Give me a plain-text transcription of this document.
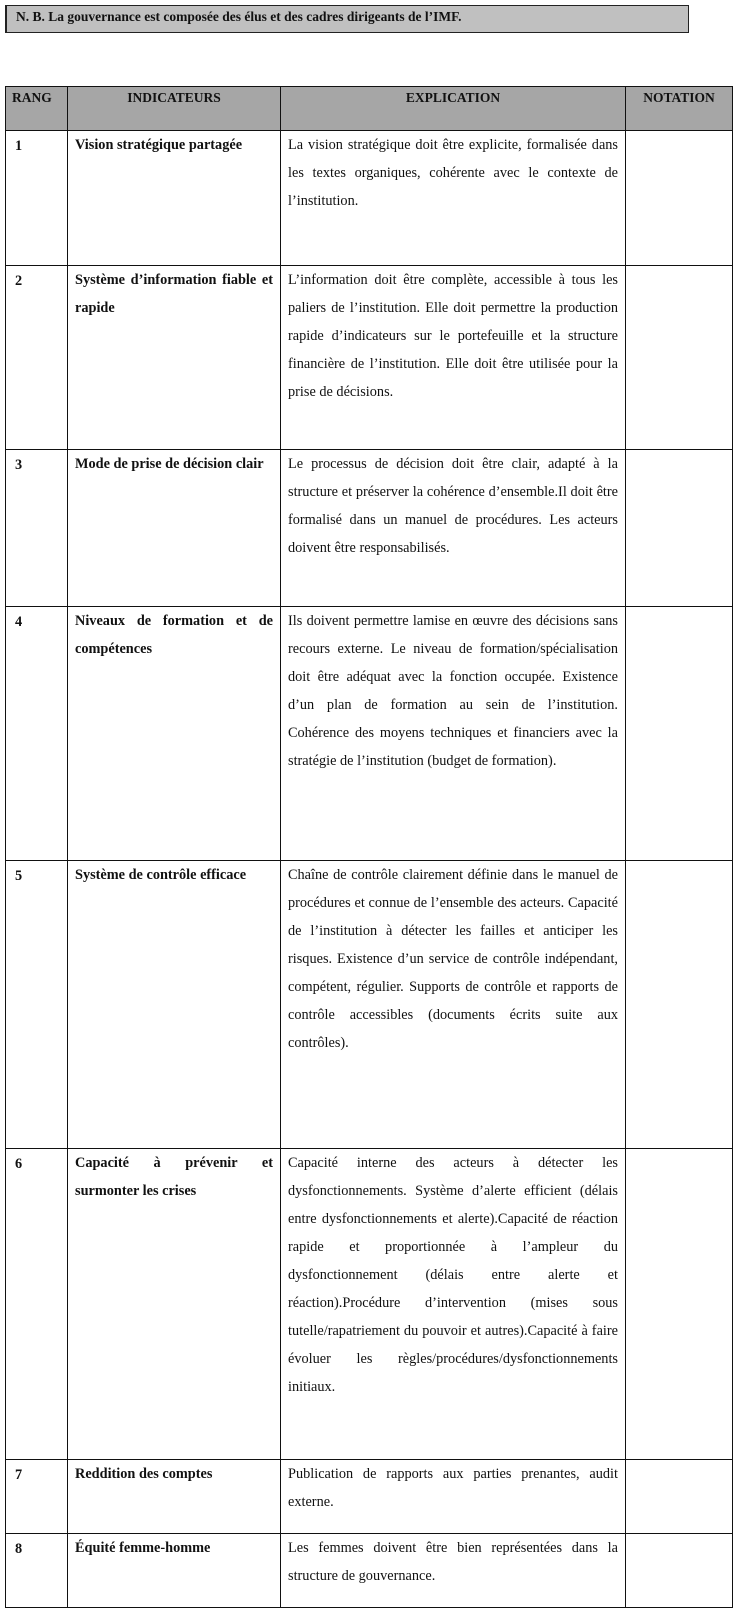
N. B. La gouvernance est composée des élus et des cadres dirigeants de l’IMF.
RANG	INDICATEURS	EXPLICATION	NOTATION
1	Vision stratégique partagée	La vision stratégique doit être explicite, formalisée dans les textes organiques, cohérente avec le contexte de l’institution.	

2	Système d’information fiable et rapide	L’information doit être complète, accessible à tous les paliers de l’institution. Elle doit permettre la production rapide d’indicateurs sur le portefeuille et la structure financière de l’institution. Elle doit être utilisée pour la prise de décisions.	

3	Mode de prise de décision clair	Le processus de décision doit être clair, adapté à la structure et préserver la cohérence d’ensemble.Il doit être formalisé dans un manuel de procédures. Les acteurs doivent être responsabilisés.	

4	Niveaux de formation et de compétences	Ils doivent permettre lamise en œuvre des décisions sans recours externe. Le niveau de formation/spécialisation doit être adéquat avec la fonction occupée. Existence d’un plan de formation au sein de l’institution. Cohérence des moyens techniques et financiers avec la stratégie de l’institution (budget de formation).	

5	Système de contrôle efficace	Chaîne de contrôle clairement définie dans le manuel de procédures et connue de l’ensemble des acteurs. Capacité de l’institution à détecter les failles et anticiper les risques. Existence d’un service de contrôle indépendant, compétent, régulier. Supports de contrôle et rapports de contrôle accessibles (documents écrits suite aux contrôles).	

6	Capacité à prévenir et surmonter les crises	Capacité interne des acteurs à détecter les dysfonctionnements. Système d’alerte efficient (délais entre dysfonctionnements et alerte).Capacité de réaction rapide et proportionnée à l’ampleur du dysfonctionnement (délais entre alerte et réaction).Procédure d’intervention (mises sous tutelle/rapatriement du pouvoir et autres).Capacité à faire évoluer les règles/procédures/dysfonctionnements initiaux.	

7	Reddition des comptes	Publication de rapports aux parties prenantes, audit externe.	

8	Équité femme-homme	Les femmes doivent être bien représentées dans la structure de gouvernance.	
